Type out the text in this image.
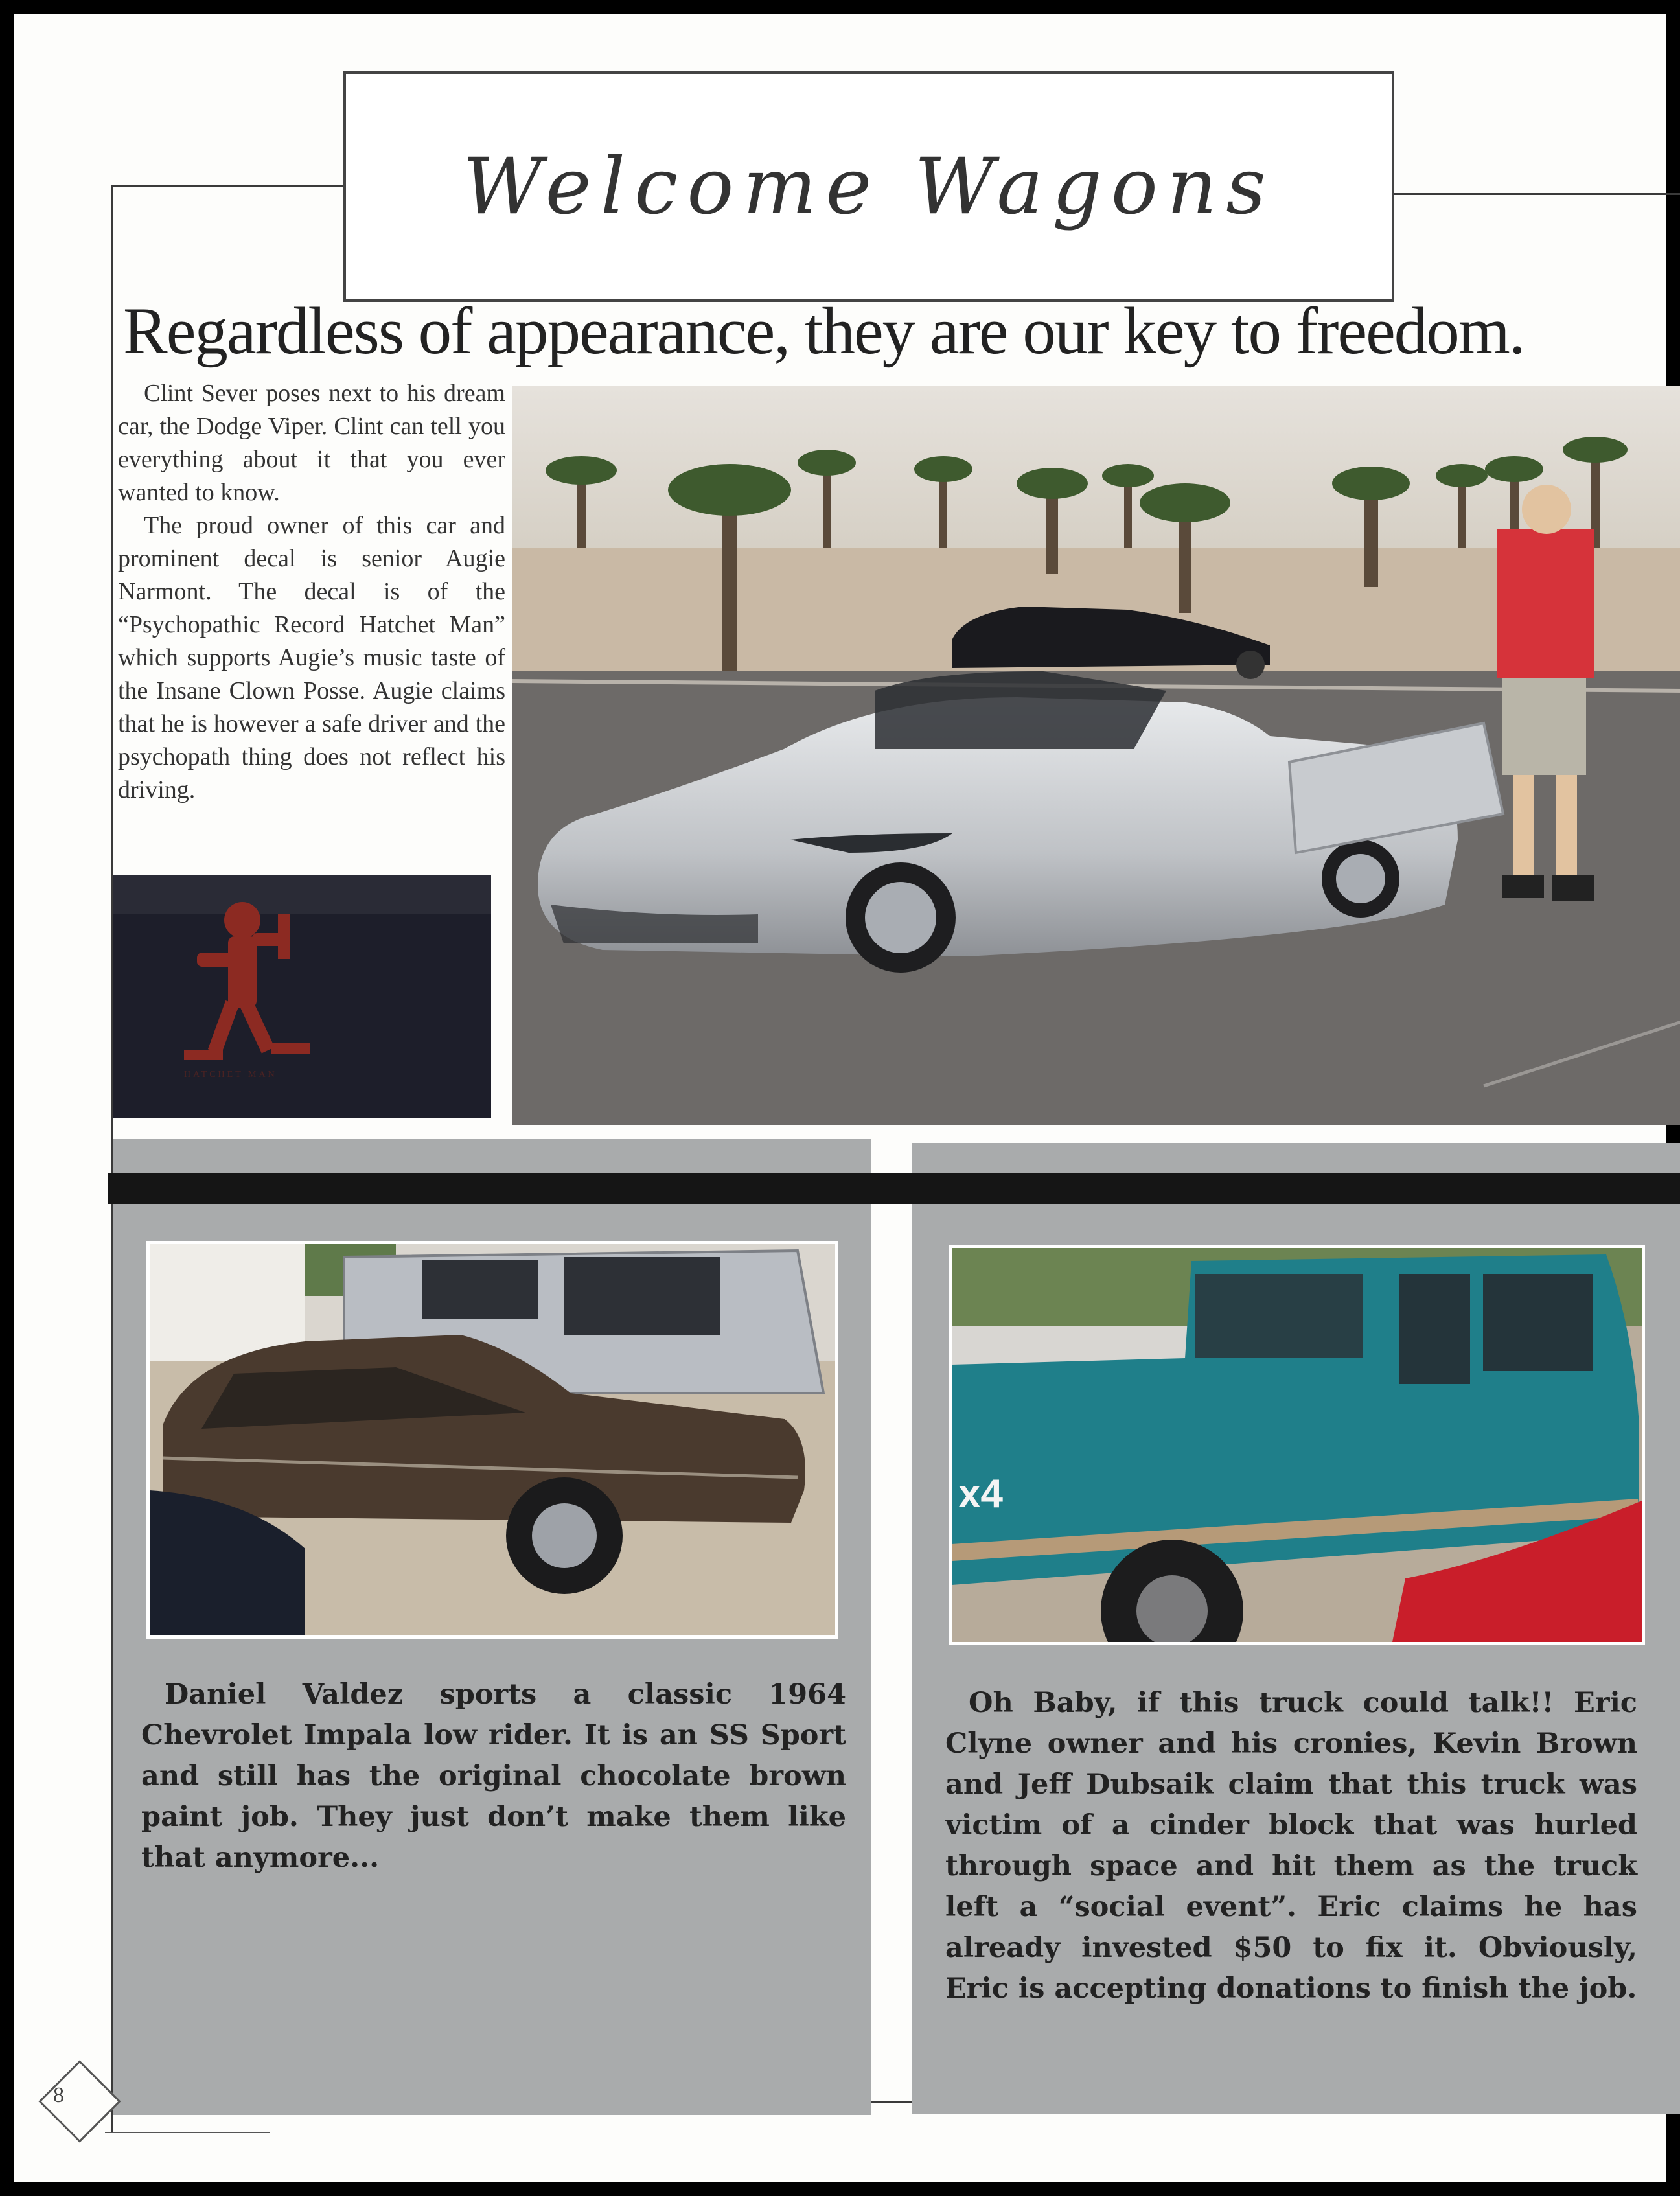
Welcome Wagons
Regardless of appearance, they are our key to freedom.

Clint Sever poses next to his dream car, the Dodge Viper. Clint can tell you everything about it that you ever wanted to know.

The proud owner of this car and prominent decal is senior Augie Narmont. The decal is of the “Psychopathic Record Hatchet Man” which supports Augie’s music taste of the Insane Clown Posse. Augie claims that he is however a safe driver and the psychopath thing does not reflect his driving.

HATCHET MAN
x4

Daniel Valdez sports a classic 1964 Chevrolet Impala low rider. It is an SS Sport and still has the original chocolate brown paint job. They just don’t make them like that anymore...

Oh Baby, if this truck could talk!! Eric Clyne owner and his cronies, Kevin Brown and Jeff Dubsaik claim that this truck was victim of a cinder block that was hurled through space and hit them as the truck left a “social event”. Eric claims he has already invested $50 to fix it. Obviously, Eric is accepting donations to finish the job.

8
